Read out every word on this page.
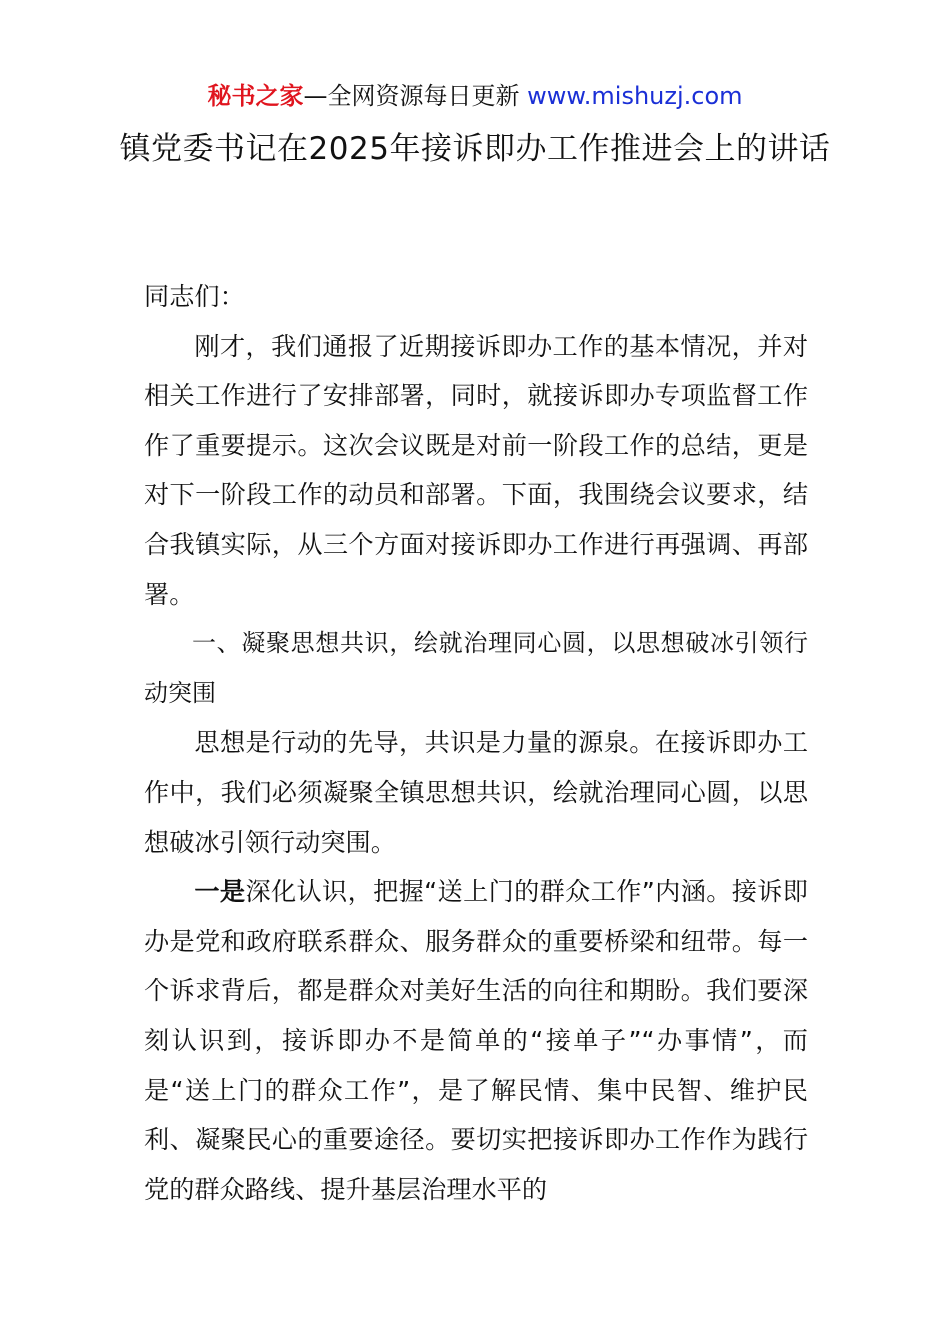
秘书之家—全网资源每日更新 www.mishuzj.com
镇党委书记在2025年接诉即办工作推进会上的讲话

同志们：

刚才，我们通报了近期接诉即办工作的基本情况，并对相关工作进行了安排部署，同时，就接诉即办专项监督工作作了重要提示。这次会议既是对前一阶段工作的总结，更是对下一阶段工作的动员和部署。下面，我围绕会议要求，结合我镇实际，从三个方面对接诉即办工作进行再强调、再部署。

一、凝聚思想共识，绘就治理同心圆，以思想破冰引领行动突围

思想是行动的先导，共识是力量的源泉。在接诉即办工作中，我们必须凝聚全镇思想共识，绘就治理同心圆，以思想破冰引领行动突围。

一是深化认识，把握“送上门的群众工作”内涵。接诉即办是党和政府联系群众、服务群众的重要桥梁和纽带。每一个诉求背后，都是群众对美好生活的向往和期盼。我们要深刻认识到，接诉即办不是简单的“接单子”“办事情”，而是“送上门的群众工作”，是了解民情、集中民智、维护民利、凝聚民心的重要途径。要切实把接诉即办工作作为践行党的群众路线、提升基层治理水平的
